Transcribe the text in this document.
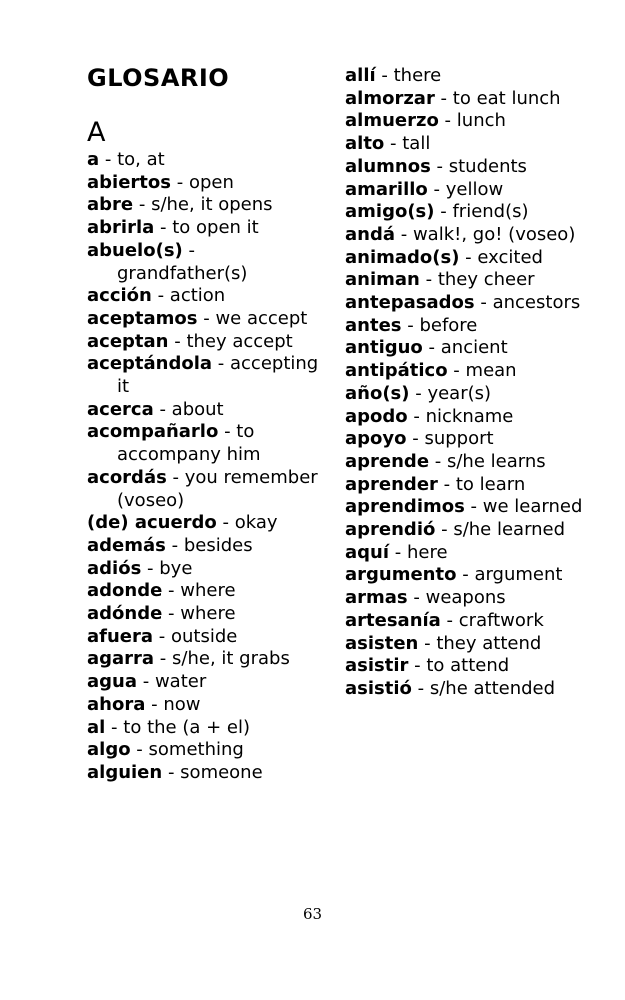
GLOSARIO
A
a - to, at
abiertos - open
abre - s/he, it opens
abrirla - to open it
abuelo(s) - grandfather(s)
acción - action
aceptamos - we accept
aceptan - they accept
aceptándola - accepting it
acerca - about
acompañarlo - to accompany him
acordás - you remember (voseo)
(de) acuerdo - okay
además - besides
adiós - bye
adonde - where
adónde - where
afuera - outside
agarra - s/he, it grabs
agua - water
ahora - now
al - to the (a + el)
algo - something
alguien - someone
allí - there
almorzar - to eat lunch
almuerzo - lunch
alto - tall
alumnos - students
amarillo - yellow
amigo(s) - friend(s)
andá - walk!, go! (voseo)
animado(s) - excited
animan - they cheer
antepasados - ancestors
antes - before
antiguo - ancient
antipático - mean
año(s) - year(s)
apodo - nickname
apoyo - support
aprende - s/he learns
aprender - to learn
aprendimos - we learned
aprendió - s/he learned
aquí - here
argumento - argument
armas - weapons
artesanía - craftwork
asisten - they attend
asistir - to attend
asistió - s/he attended
63
